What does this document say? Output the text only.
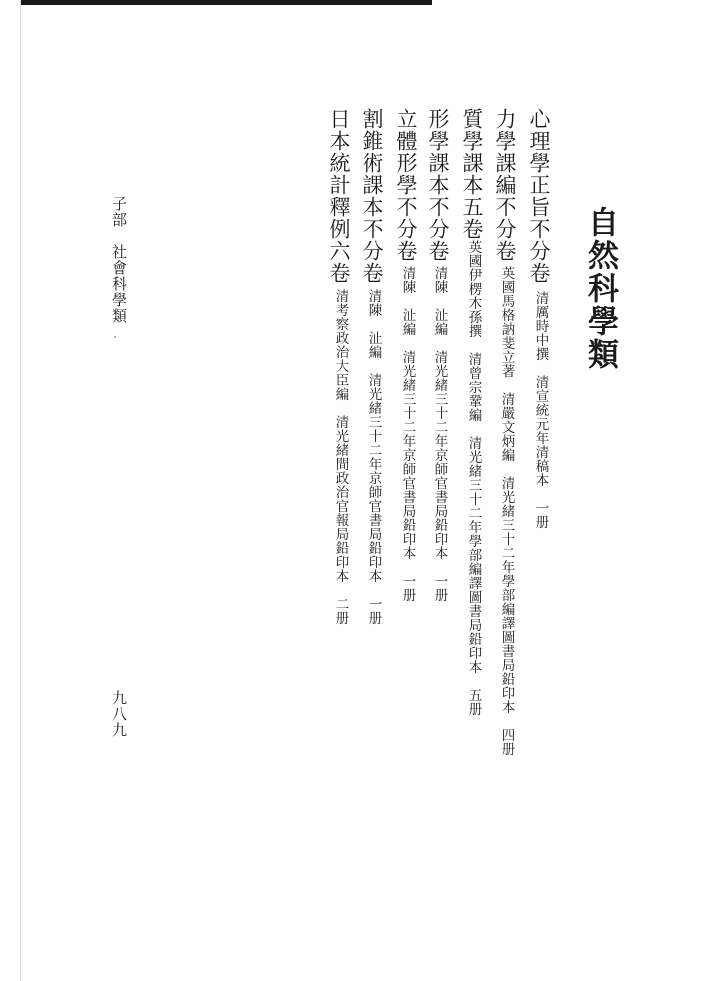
自然科學類
心理學正旨不分卷
清厲時中撰　清宣統元年清稿本　一册
力學課編不分卷
英國馬格訥斐立著　清嚴文炳編　清光緒三十二年學部編譯圖書局鉛印本　四册
質學課本五卷
英國伊楞木孫撰　清曾宗鞏編　清光緒三十二年學部編譯圖書局鉛印本　五册
形學課本不分卷
清陳　沚編　清光緒三十二年京師官書局鉛印本　一册
立體形學不分卷
清陳　沚編　清光緒三十二年京師官書局鉛印本　一册
割錐術課本不分卷
清陳　沚編　清光緒三十二年京師官書局鉛印本　一册
日本統計釋例六卷
清考察政治大臣編　清光緒間政治官報局鉛印本　二册
子部　社會科學類
九八九
